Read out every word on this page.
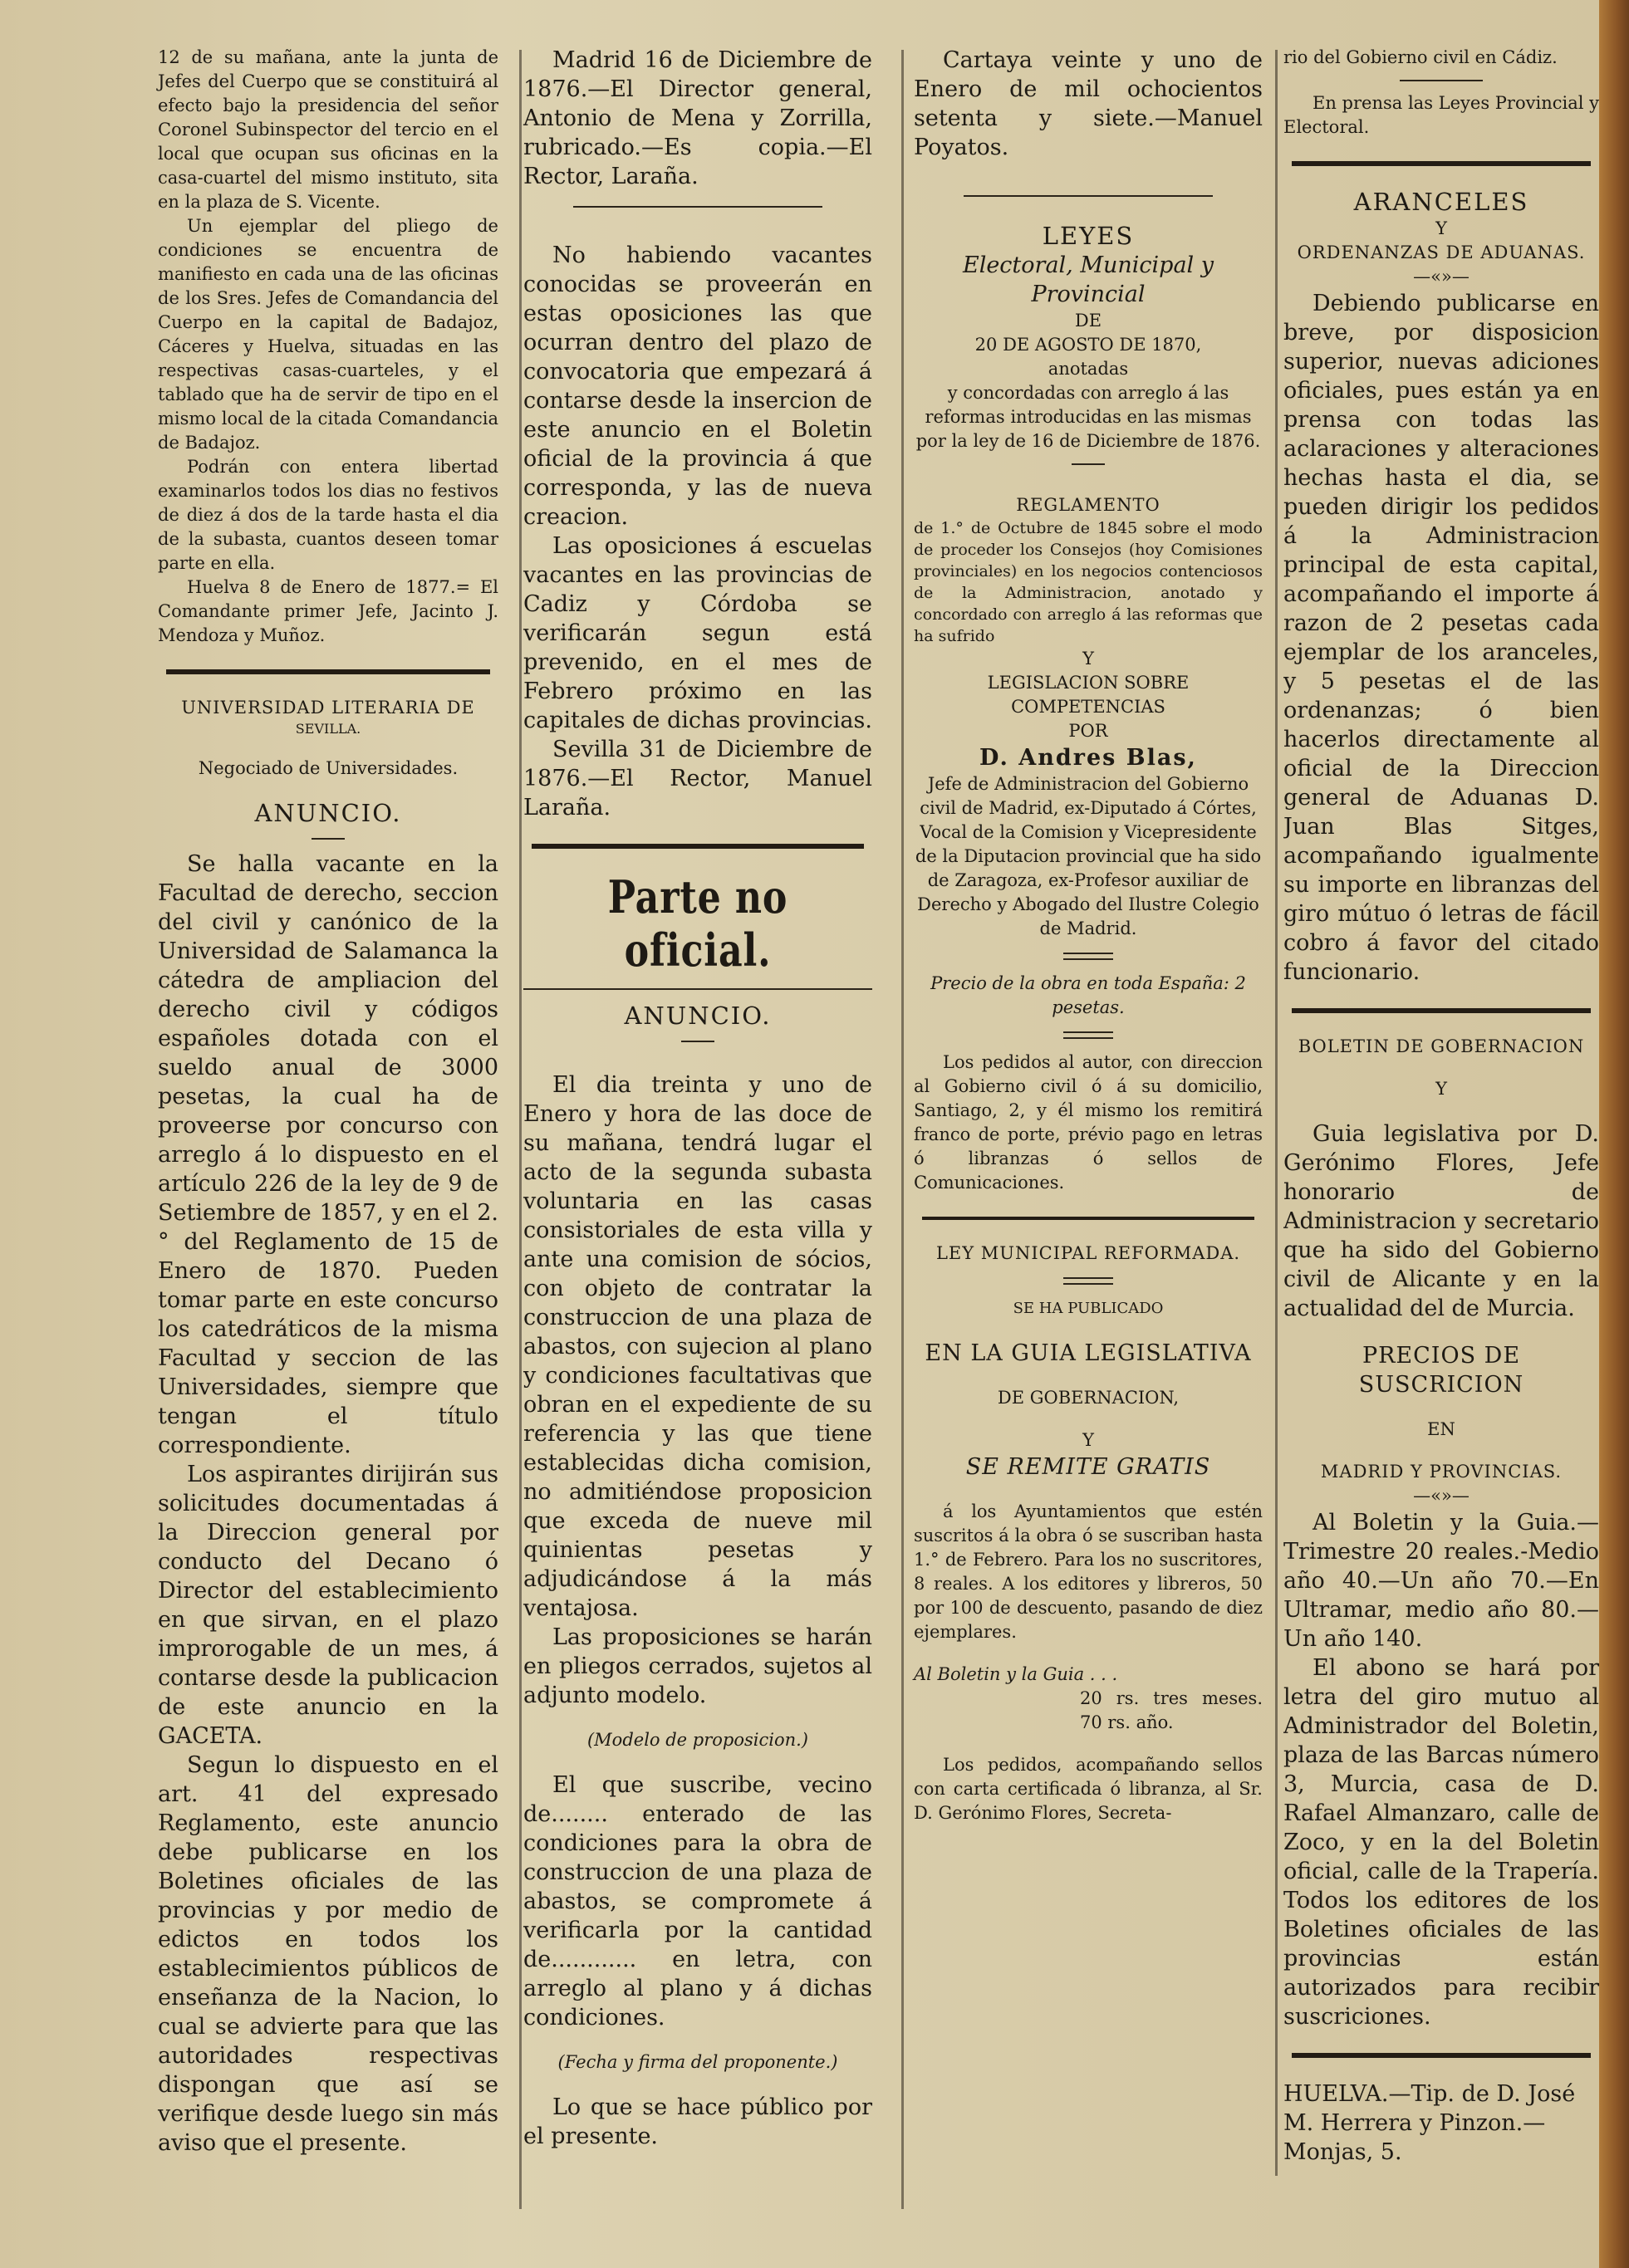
12 de su mañana, ante la junta de Jefes del Cuerpo que se constituirá al efecto bajo la presidencia del señor Coronel Subinspector del tercio en el local que ocupan sus oficinas en la casa-cuartel del mismo instituto, sita en la plaza de S. Vicente.

Un ejemplar del pliego de condiciones se encuentra de manifiesto en cada una de las oficinas de los Sres. Jefes de Comandancia del Cuerpo en la capital de Badajoz, Cáceres y Huelva, situadas en las respectivas casas-cuarteles, y el tablado que ha de servir de tipo en el mismo local de la citada Comandancia de Badajoz.

Podrán con entera libertad examinarlos todos los dias no festivos de diez á dos de la tarde hasta el dia de la subasta, cuantos deseen tomar parte en ella.

Huelva 8 de Enero de 1877.= El Comandante primer Jefe, Jacinto J. Mendoza y Muñoz.

UNIVERSIDAD LITERARIA DE

SEVILLA.

Negociado de Universidades.

ANUNCIO.

Se halla vacante en la Facultad de derecho, seccion del civil y canónico de la Universidad de Salamanca la cátedra de ampliacion del derecho civil y códigos españoles dotada con el sueldo anual de 3000 pesetas, la cual ha de proveerse por concurso con arreglo á lo dispuesto en el artículo 226 de la ley de 9 de Setiembre de 1857, y en el 2.° del Reglamento de 15 de Enero de 1870. Pueden tomar parte en este concurso los catedráticos de la misma Facultad y seccion de las Universidades, siempre que tengan el título correspondiente.

Los aspirantes dirijirán sus solicitudes documentadas á la Direccion general por conducto del Decano ó Director del establecimiento en que sirvan, en el plazo improrogable de un mes, á contarse desde la publicacion de este anuncio en la GACETA.

Segun lo dispuesto en el art. 41 del expresado Reglamento, este anuncio debe publicarse en los Boletines oficiales de las provincias y por medio de edictos en todos los establecimientos públicos de enseñanza de la Nacion, lo cual se advierte para que las autoridades respectivas dispongan que así se verifique desde luego sin más aviso que el presente.

Madrid 16 de Diciembre de 1876.—El Director general, Antonio de Mena y Zorrilla, rubricado.—Es copia.—El Rector, Laraña.

No habiendo vacantes conocidas se proveerán en estas oposiciones las que ocurran dentro del plazo de convocatoria que empezará á contarse desde la insercion de este anuncio en el Boletin oficial de la provincia á que corresponda, y las de nueva creacion.

Las oposiciones á escuelas vacantes en las provincias de Cadiz y Córdoba se verificarán segun está prevenido, en el mes de Febrero próximo en las capitales de dichas provincias.

Sevilla 31 de Diciembre de 1876.—El Rector, Manuel Laraña.

Parte no oficial.

ANUNCIO.

El dia treinta y uno de Enero y hora de las doce de su mañana, tendrá lugar el acto de la segunda subasta voluntaria en las casas consistoriales de esta villa y ante una comision de sócios, con objeto de contratar la construccion de una plaza de abastos, con sujecion al plano y condiciones facultativas que obran en el expediente de su referencia y las que tiene establecidas dicha comision, no admitiéndose proposicion que exceda de nueve mil quinientas pesetas y adjudicándose á la más ventajosa.

Las proposiciones se harán en pliegos cerrados, sujetos al adjunto modelo.

(Modelo de proposicion.)

El que suscribe, vecino de........ enterado de las condiciones para la obra de construccion de una plaza de abastos, se compromete á verificarla por la cantidad de............ en letra, con arreglo al plano y á dichas condiciones.

(Fecha y firma del proponente.)

Lo que se hace público por el presente.

Cartaya veinte y uno de Enero de mil ochocientos setenta y siete.—Manuel Poyatos.

LEYES

Electoral, Municipal y Provincial

DE

20 DE AGOSTO DE 1870,

anotadas

y concordadas con arreglo á las reformas introducidas en las mismas por la ley de 16 de Diciembre de 1876.

REGLAMENTO

de 1.° de Octubre de 1845 sobre el modo de proceder los Consejos (hoy Comisiones provinciales) en los negocios contenciosos de la Administracion, anotado y concordado con arreglo á las reformas que ha sufrido

Y

LEGISLACION SOBRE COMPETENCIAS

POR

D. Andres Blas,

Jefe de Administracion del Gobierno civil de Madrid, ex-Diputado á Córtes, Vocal de la Comision y Vicepresidente de la Diputacion provincial que ha sido de Zaragoza, ex-Profesor auxiliar de Derecho y Abogado del Ilustre Colegio de Madrid.

Precio de la obra en toda España: 2 pesetas.

Los pedidos al autor, con direccion al Gobierno civil ó á su domicilio, Santiago, 2, y él mismo los remitirá franco de porte, prévio pago en letras ó libranzas ó sellos de Comunicaciones.

LEY MUNICIPAL REFORMADA.

SE HA PUBLICADO

EN LA GUIA LEGISLATIVA

DE GOBERNACION,

Y

SE REMITE GRATIS

á los Ayuntamientos que estén suscritos á la obra ó se suscriban hasta 1.° de Febrero. Para los no suscritores, 8 reales. A los editores y libreros, 50 por 100 de descuento, pasando de diez ejemplares.

Al Boletin y la Guia . . .

20 rs. tres meses. 70 rs. año.

Los pedidos, acompañando sellos con carta certificada ó libranza, al Sr. D. Gerónimo Flores, Secreta-

rio del Gobierno civil en Cádiz.

En prensa las Leyes Provincial y Electoral.

ARANCELES

Y

ORDENANZAS DE ADUANAS.

—«»—

Debiendo publicarse en breve, por disposicion superior, nuevas adiciones oficiales, pues están ya en prensa con todas las aclaraciones y alteraciones hechas hasta el dia, se pueden dirigir los pedidos á la Administracion principal de esta capital, acompañando el importe á razon de 2 pesetas cada ejemplar de los aranceles, y 5 pesetas el de las ordenanzas; ó bien hacerlos directamente al oficial de la Direccion general de Aduanas D. Juan Blas Sitges, acompañando igualmente su importe en libranzas del giro mútuo ó letras de fácil cobro á favor del citado funcionario.

BOLETIN DE GOBERNACION

Y

Guia legislativa por D. Gerónimo Flores, Jefe honorario de Administracion y secretario que ha sido del Gobierno civil de Alicante y en la actualidad del de Murcia.

PRECIOS DE SUSCRICION

EN

MADRID Y PROVINCIAS.

—«»—

Al Boletin y la Guia.—Trimestre 20 reales.-Medio año 40.—Un año 70.—En Ultramar, medio año 80.—Un año 140.

El abono se hará por letra del giro mutuo al Administrador del Boletin, plaza de las Barcas número 3, Murcia, casa de D. Rafael Almanzaro, calle de Zoco, y en la del Boletin oficial, calle de la Trapería. Todos los editores de los Boletines oficiales de las provincias están autorizados para recibir suscriciones.

HUELVA.—Tip. de D. José M. Herrera y Pinzon.—Monjas, 5.
